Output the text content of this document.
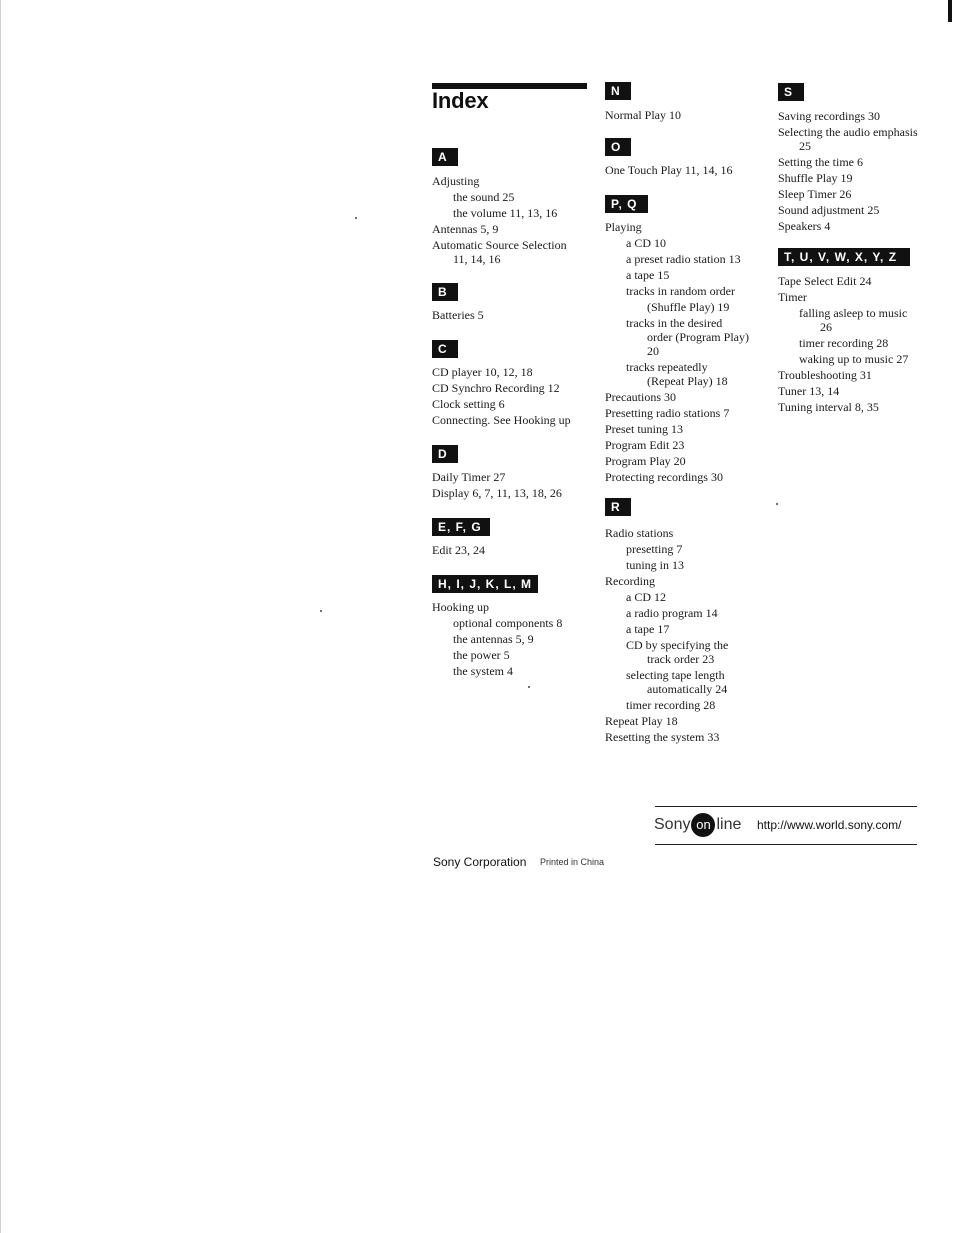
Index
A
Adjusting
the sound 25
the volume 11, 13, 16
Antennas 5, 9
Automatic Source Selection
11, 14, 16
B
Batteries 5
C
CD player 10, 12, 18
CD Synchro Recording 12
Clock setting 6
Connecting. See Hooking up
D
Daily Timer 27
Display 6, 7, 11, 13, 18, 26
E, F, G
Edit 23, 24
H, I, J, K, L, M
Hooking up
optional components 8
the antennas 5, 9
the power 5
the system 4
N
Normal Play 10
O
One Touch Play 11, 14, 16
P, Q
Playing
a CD 10
a preset radio station 13
a tape 15
tracks in random order
(Shuffle Play) 19
tracks in the desired
order (Program Play)
20
tracks repeatedly
(Repeat Play) 18
Precautions 30
Presetting radio stations 7
Preset tuning 13
Program Edit 23
Program Play 20
Protecting recordings 30
R
Radio stations
presetting 7
tuning in 13
Recording
a CD 12
a radio program 14
a tape 17
CD by specifying the
track order 23
selecting tape length
automatically 24
timer recording 28
Repeat Play 18
Resetting the system 33
S
Saving recordings 30
Selecting the audio emphasis
25
Setting the time 6
Shuffle Play 19
Sleep Timer 26
Sound adjustment 25
Speakers 4
T, U, V, W, X, Y, Z
Tape Select Edit 24
Timer
falling asleep to music
26
timer recording 28
waking up to music 27
Troubleshooting 31
Tuner 13, 14
Tuning interval 8, 35
Sony on line http://www.world.sony.com/
Sony Corporation Printed in China
